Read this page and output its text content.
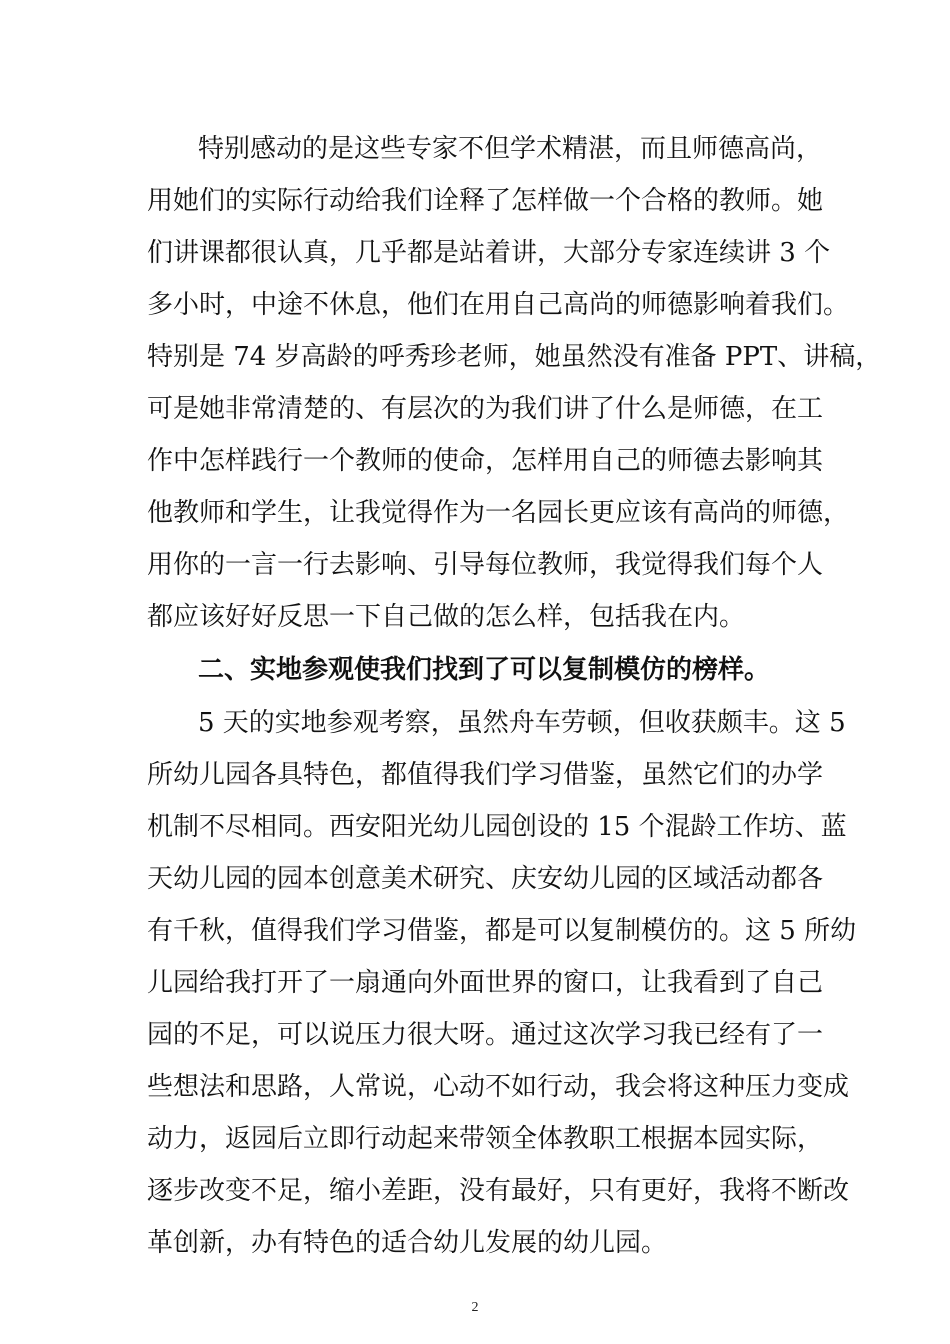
特别感动的是这些专家不但学术精湛，而且师德高尚，

用她们的实际行动给我们诠释了怎样做一个合格的教师。她

们讲课都很认真，几乎都是站着讲，大部分专家连续讲 3 个

多小时，中途不休息，他们在用自己高尚的师德影响着我们。

特别是 74 岁高龄的呼秀珍老师，她虽然没有准备 PPT、讲稿，

可是她非常清楚的、有层次的为我们讲了什么是师德，在工

作中怎样践行一个教师的使命，怎样用自己的师德去影响其

他教师和学生，让我觉得作为一名园长更应该有高尚的师德，

用你的一言一行去影响、引导每位教师，我觉得我们每个人

都应该好好反思一下自己做的怎么样，包括我在内。

二、实地参观使我们找到了可以复制模仿的榜样。

5 天的实地参观考察，虽然舟车劳顿，但收获颇丰。这 5

所幼儿园各具特色，都值得我们学习借鉴，虽然它们的办学

机制不尽相同。西安阳光幼儿园创设的 15 个混龄工作坊、蓝

天幼儿园的园本创意美术研究、庆安幼儿园的区域活动都各

有千秋，值得我们学习借鉴，都是可以复制模仿的。这 5 所幼

儿园给我打开了一扇通向外面世界的窗口，让我看到了自己

园的不足，可以说压力很大呀。通过这次学习我已经有了一

些想法和思路，人常说，心动不如行动，我会将这种压力变成

动力，返园后立即行动起来带领全体教职工根据本园实际，

逐步改变不足，缩小差距，没有最好，只有更好，我将不断改

革创新，办有特色的适合幼儿发展的幼儿园。

2
